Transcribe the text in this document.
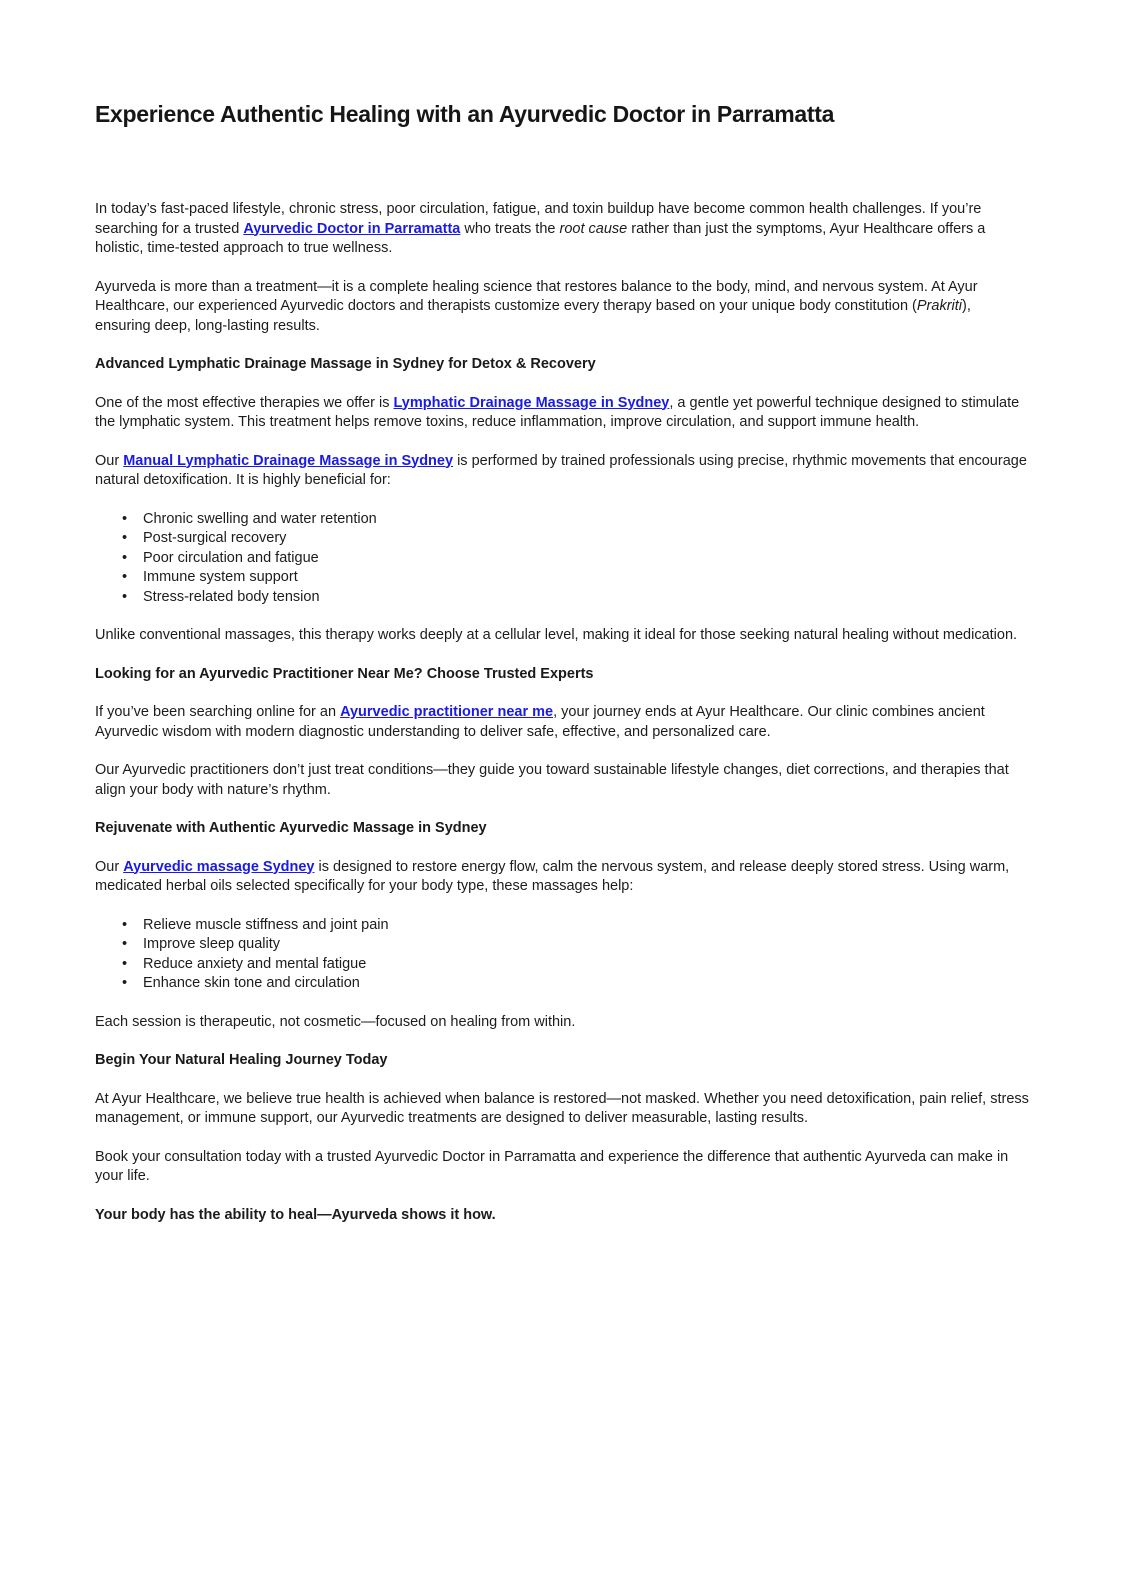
Experience Authentic Healing with an Ayurvedic Doctor in Parramatta

In today’s fast-paced lifestyle, chronic stress, poor circulation, fatigue, and toxin buildup have become common health challenges. If you’re searching for a trusted Ayurvedic Doctor in Parramatta who treats the root cause rather than just the symptoms, Ayur Healthcare offers a holistic, time-tested approach to true wellness.

Ayurveda is more than a treatment—it is a complete healing science that restores balance to the body, mind, and nervous system. At Ayur Healthcare, our experienced Ayurvedic doctors and therapists customize every therapy based on your unique body constitution (Prakriti), ensuring deep, long-lasting results.

Advanced Lymphatic Drainage Massage in Sydney for Detox & Recovery

One of the most effective therapies we offer is Lymphatic Drainage Massage in Sydney, a gentle yet powerful technique designed to stimulate the lymphatic system. This treatment helps remove toxins, reduce inflammation, improve circulation, and support immune health.

Our Manual Lymphatic Drainage Massage in Sydney is performed by trained professionals using precise, rhythmic movements that encourage natural detoxification. It is highly beneficial for:

• Chronic swelling and water retention
• Post-surgical recovery
• Poor circulation and fatigue
• Immune system support
• Stress-related body tension

Unlike conventional massages, this therapy works deeply at a cellular level, making it ideal for those seeking natural healing without medication.

Looking for an Ayurvedic Practitioner Near Me? Choose Trusted Experts

If you’ve been searching online for an Ayurvedic practitioner near me, your journey ends at Ayur Healthcare. Our clinic combines ancient Ayurvedic wisdom with modern diagnostic understanding to deliver safe, effective, and personalized care.

Our Ayurvedic practitioners don’t just treat conditions—they guide you toward sustainable lifestyle changes, diet corrections, and therapies that align your body with nature’s rhythm.

Rejuvenate with Authentic Ayurvedic Massage in Sydney

Our Ayurvedic massage Sydney is designed to restore energy flow, calm the nervous system, and release deeply stored stress. Using warm, medicated herbal oils selected specifically for your body type, these massages help:

• Relieve muscle stiffness and joint pain
• Improve sleep quality
• Reduce anxiety and mental fatigue
• Enhance skin tone and circulation

Each session is therapeutic, not cosmetic—focused on healing from within.

Begin Your Natural Healing Journey Today

At Ayur Healthcare, we believe true health is achieved when balance is restored—not masked. Whether you need detoxification, pain relief, stress management, or immune support, our Ayurvedic treatments are designed to deliver measurable, lasting results.

Book your consultation today with a trusted Ayurvedic Doctor in Parramatta and experience the difference that authentic Ayurveda can make in your life.

Your body has the ability to heal—Ayurveda shows it how.
